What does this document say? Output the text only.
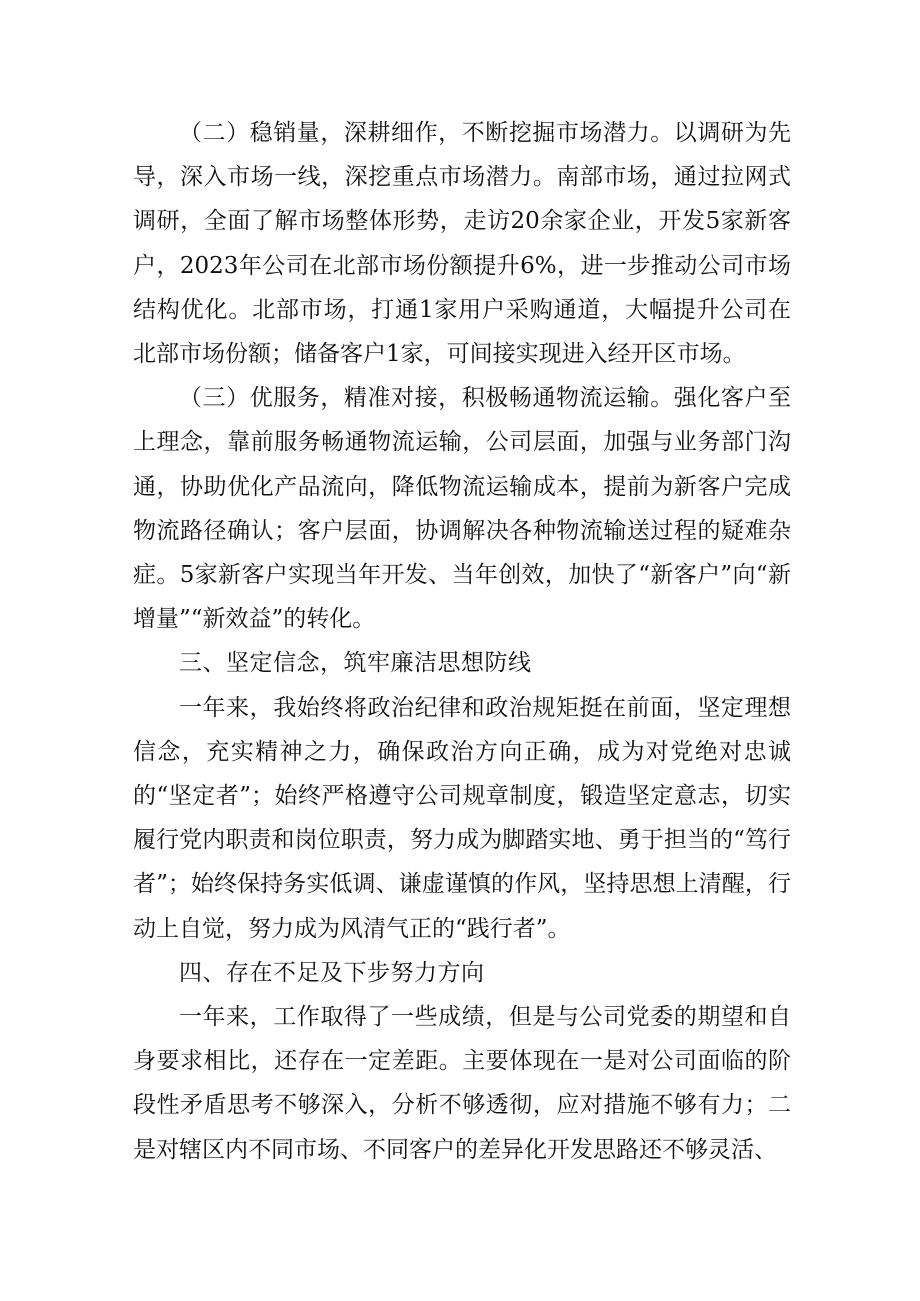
（二）稳销量，深耕细作，不断挖掘市场潜力。以调研为先导，深入市场一线，深挖重点市场潜力。南部市场，通过拉网式调研，全面了解市场整体形势，走访20余家企业，开发5家新客户，2023年公司在北部市场份额提升6%，进一步推动公司市场结构优化。北部市场，打通1家用户采购通道，大幅提升公司在北部市场份额；储备客户1家，可间接实现进入经开区市场。

（三）优服务，精准对接，积极畅通物流运输。强化客户至上理念，靠前服务畅通物流运输，公司层面，加强与业务部门沟通，协助优化产品流向，降低物流运输成本，提前为新客户完成物流路径确认；客户层面，协调解决各种物流输送过程的疑难杂症。5家新客户实现当年开发、当年创效，加快了“新客户”向“新增量”“新效益”的转化。

三、坚定信念，筑牢廉洁思想防线

一年来，我始终将政治纪律和政治规矩挺在前面，坚定理想信念，充实精神之力，确保政治方向正确，成为对党绝对忠诚的“坚定者”；始终严格遵守公司规章制度，锻造坚定意志，切实履行党内职责和岗位职责，努力成为脚踏实地、勇于担当的“笃行者”；始终保持务实低调、谦虚谨慎的作风，坚持思想上清醒，行动上自觉，努力成为风清气正的“践行者”。

四、存在不足及下步努力方向

一年来，工作取得了一些成绩，但是与公司党委的期望和自身要求相比，还存在一定差距。主要体现在一是对公司面临的阶段性矛盾思考不够深入，分析不够透彻，应对措施不够有力；二是对辖区内不同市场、不同客户的差异化开发思路还不够灵活、
